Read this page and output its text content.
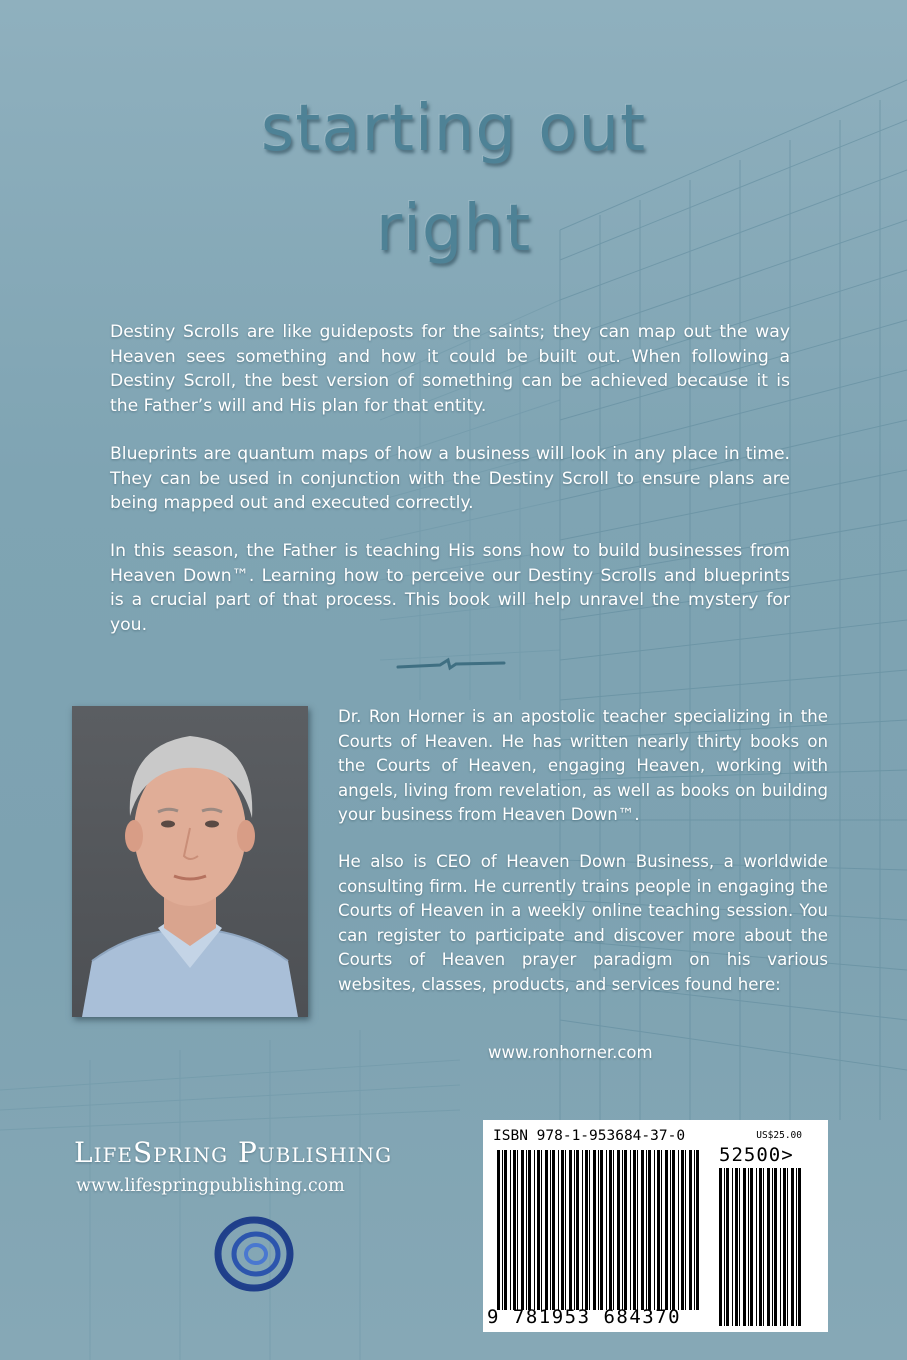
starting out
right

Destiny Scrolls are like guideposts for the saints; they can map out the way Heaven sees something and how it could be built out. When following a Destiny Scroll, the best version of something can be achieved because it is the Father’s will and His plan for that entity.

Blueprints are quantum maps of how a business will look in any place in time. They can be used in conjunction with the Destiny Scroll to ensure plans are being mapped out and executed correctly.

In this season, the Father is teaching His sons how to build businesses from Heaven Down™. Learning how to perceive our Destiny Scrolls and blueprints is a crucial part of that process. This book will help unravel the mystery for you.

Dr. Ron Horner is an apostolic teacher specializing in the Courts of Heaven. He has written nearly thirty books on the Courts of Heaven, engaging Heaven, working with angels, living from revelation, as well as books on building your business from Heaven Down™.

He also is CEO of Heaven Down Business, a worldwide consulting firm. He currently trains people in engaging the Courts of Heaven in a weekly online teaching session. You can register to participate and discover more about the Courts of Heaven prayer paradigm on his various websites, classes, products, and services found here:

www.ronhorner.com
LifeSpring Publishing
www.lifespringpublishing.com
ISBN 978-1-953684-37-0	US$25.00
52500>
9 781953 684370
